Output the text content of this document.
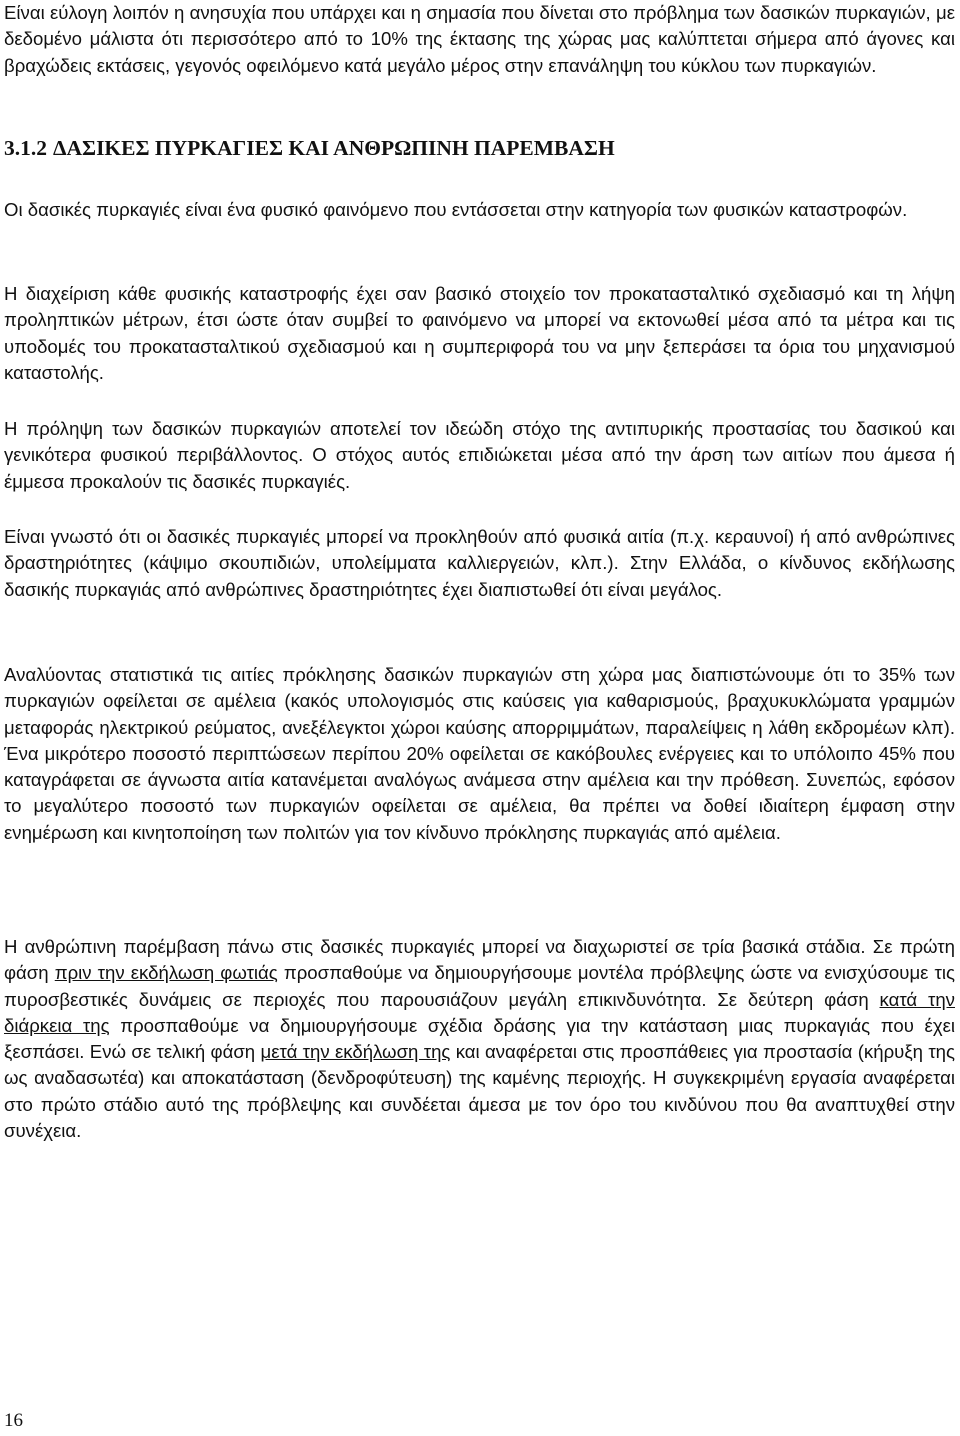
Είναι εύλογη λοιπόν η ανησυχία που υπάρχει και η σημασία που δίνεται στο πρόβλημα των δασικών πυρκαγιών, με δεδομένο μάλιστα ότι περισσότερο από το 10% της έκτασης της χώρας μας καλύπτεται σήμερα από άγονες και βραχώδεις εκτάσεις, γεγονός οφειλόμενο κατά μεγάλο μέρος στην επανάληψη του κύκλου των πυρκαγιών.

3.1.2 ΔΑΣΙΚΕΣ ΠΥΡΚΑΓΙΕΣ ΚΑΙ ΑΝΘΡΩΠΙΝΗ ΠΑΡΕΜΒΑΣΗ

Οι δασικές πυρκαγιές είναι ένα φυσικό φαινόμενο που εντάσσεται στην κατηγορία των φυσικών καταστροφών.

Η διαχείριση κάθε φυσικής καταστροφής έχει σαν βασικό στοιχείο τον προκατασταλτικό σχεδιασμό και τη λήψη προληπτικών μέτρων, έτσι ώστε όταν συμβεί το φαινόμενο να μπορεί να εκτονωθεί μέσα από τα μέτρα και τις υποδομές του προκατασταλτικού σχεδιασμού και η συμπεριφορά του να μην ξεπεράσει τα όρια του μηχανισμού καταστολής.

Η πρόληψη των δασικών πυρκαγιών αποτελεί τον ιδεώδη στόχο της αντιπυρικής προστασίας του δασικού και γενικότερα φυσικού περιβάλλοντος. Ο στόχος αυτός επιδιώκεται μέσα από την άρση των αιτίων που άμεσα ή έμμεσα προκαλούν τις δασικές πυρκαγιές.

Είναι γνωστό ότι οι δασικές πυρκαγιές μπορεί να προκληθούν από φυσικά αιτία (π.χ. κεραυνοί) ή από ανθρώπινες δραστηριότητες (κάψιμο σκουπιδιών, υπολείμματα καλλιεργειών, κλπ.). Στην Ελλάδα, ο κίνδυνος εκδήλωσης δασικής πυρκαγιάς από ανθρώπινες δραστηριότητες έχει διαπιστωθεί ότι είναι μεγάλος.

Αναλύοντας στατιστικά τις αιτίες πρόκλησης δασικών πυρκαγιών στη χώρα μας διαπιστώνουμε ότι το 35% των πυρκαγιών οφείλεται σε αμέλεια (κακός υπολογισμός στις καύσεις για καθαρισμούς, βραχυκυκλώματα γραμμών μεταφοράς ηλεκτρικού ρεύματος, ανεξέλεγκτοι χώροι καύσης απορριμμάτων, παραλείψεις η λάθη εκδρομέων κλπ). Ένα μικρότερο ποσοστό περιπτώσεων περίπου 20% οφείλεται σε κακόβουλες ενέργειες και το υπόλοιπο 45% που καταγράφεται σε άγνωστα αιτία κατανέμεται αναλόγως ανάμεσα στην αμέλεια και την πρόθεση. Συνεπώς, εφόσον το μεγαλύτερο ποσοστό των πυρκαγιών οφείλεται σε αμέλεια, θα πρέπει να δοθεί ιδιαίτερη έμφαση στην ενημέρωση και κινητοποίηση των πολιτών για τον κίνδυνο πρόκλησης πυρκαγιάς από αμέλεια.

Η ανθρώπινη παρέμβαση πάνω στις δασικές πυρκαγιές μπορεί να διαχωριστεί σε τρία βασικά στάδια. Σε πρώτη φάση πριν την εκδήλωση φωτιάς προσπαθούμε να δημιουργήσουμε μοντέλα πρόβλεψης ώστε να ενισχύσουμε τις πυροσβεστικές δυνάμεις σε περιοχές που παρουσιάζουν μεγάλη επικινδυνότητα. Σε δεύτερη φάση κατά την διάρκεια της προσπαθούμε να δημιουργήσουμε σχέδια δράσης για την κατάσταση μιας πυρκαγιάς που έχει ξεσπάσει. Ενώ σε τελική φάση μετά την εκδήλωση της και αναφέρεται στις προσπάθειες για προστασία (κήρυξη της ως αναδασωτέα) και αποκατάσταση (δενδροφύτευση) της καμένης περιοχής. Η συγκεκριμένη εργασία αναφέρεται στο πρώτο στάδιο αυτό της πρόβλεψης και συνδέεται άμεσα με τον όρο του κινδύνου που θα αναπτυχθεί στην συνέχεια.

16
